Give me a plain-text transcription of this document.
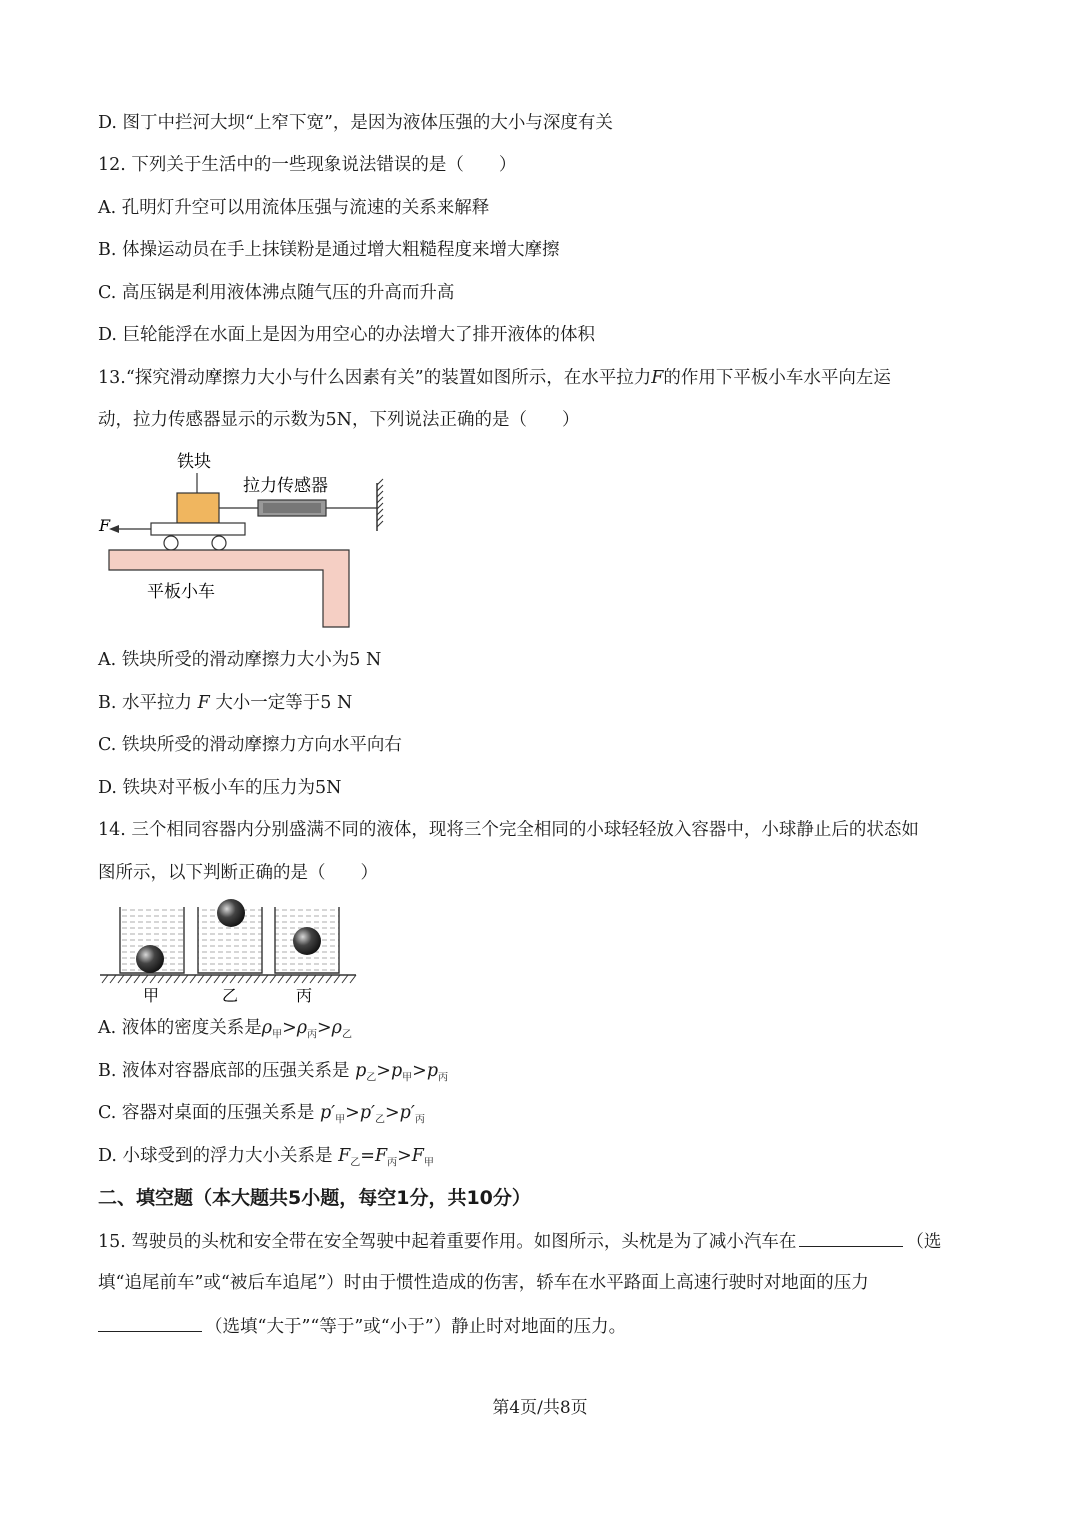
D. 图丁中拦河大坝“上窄下宽”，是因为液体压强的大小与深度有关
12. 下列关于生活中的一些现象说法错误的是（　　）
A. 孔明灯升空可以用流体压强与流速的关系来解释
B. 体操运动员在手上抹镁粉是通过增大粗糙程度来增大摩擦
C. 高压锅是利用液体沸点随气压的升高而升高
D. 巨轮能浮在水面上是因为用空心的办法增大了排开液体的体积
13.“探究滑动摩擦力大小与什么因素有关”的装置如图所示，在水平拉力F的作用下平板小车水平向左运
动，拉力传感器显示的示数为5N，下列说法正确的是（　　）
铁块
拉力传感器
F
平板小车
A. 铁块所受的滑动摩擦力大小为5 N
B. 水平拉力 F 大小一定等于5 N
C. 铁块所受的滑动摩擦力方向水平向右
D. 铁块对平板小车的压力为5N
14. 三个相同容器内分别盛满不同的液体，现将三个完全相同的小球轻轻放入容器中，小球静止后的状态如
图所示，以下判断正确的是（　　）
甲	乙	丙
A. 液体的密度关系是$\rho_甲>\rho_丙>\rho_乙$
B. 液体对容器底部的压强关系是 $p_乙>p_甲>p_丙$
C. 容器对桌面的压强关系是 $p'_甲>p'_乙>p'_丙$
D. 小球受到的浮力大小关系是 $F_乙=F_丙>F_甲$
二、填空题（本大题共5小题，每空1分，共10分）
15. 驾驶员的头枕和安全带在安全驾驶中起着重要作用。如图所示，头枕是为了减小汽车在	（选
填“追尾前车”或“被后车追尾”）时由于惯性造成的伤害，轿车在水平路面上高速行驶时对地面的压力
（选填“大于”“等于”或“小于”）静止时对地面的压力。
第4页/共8页
